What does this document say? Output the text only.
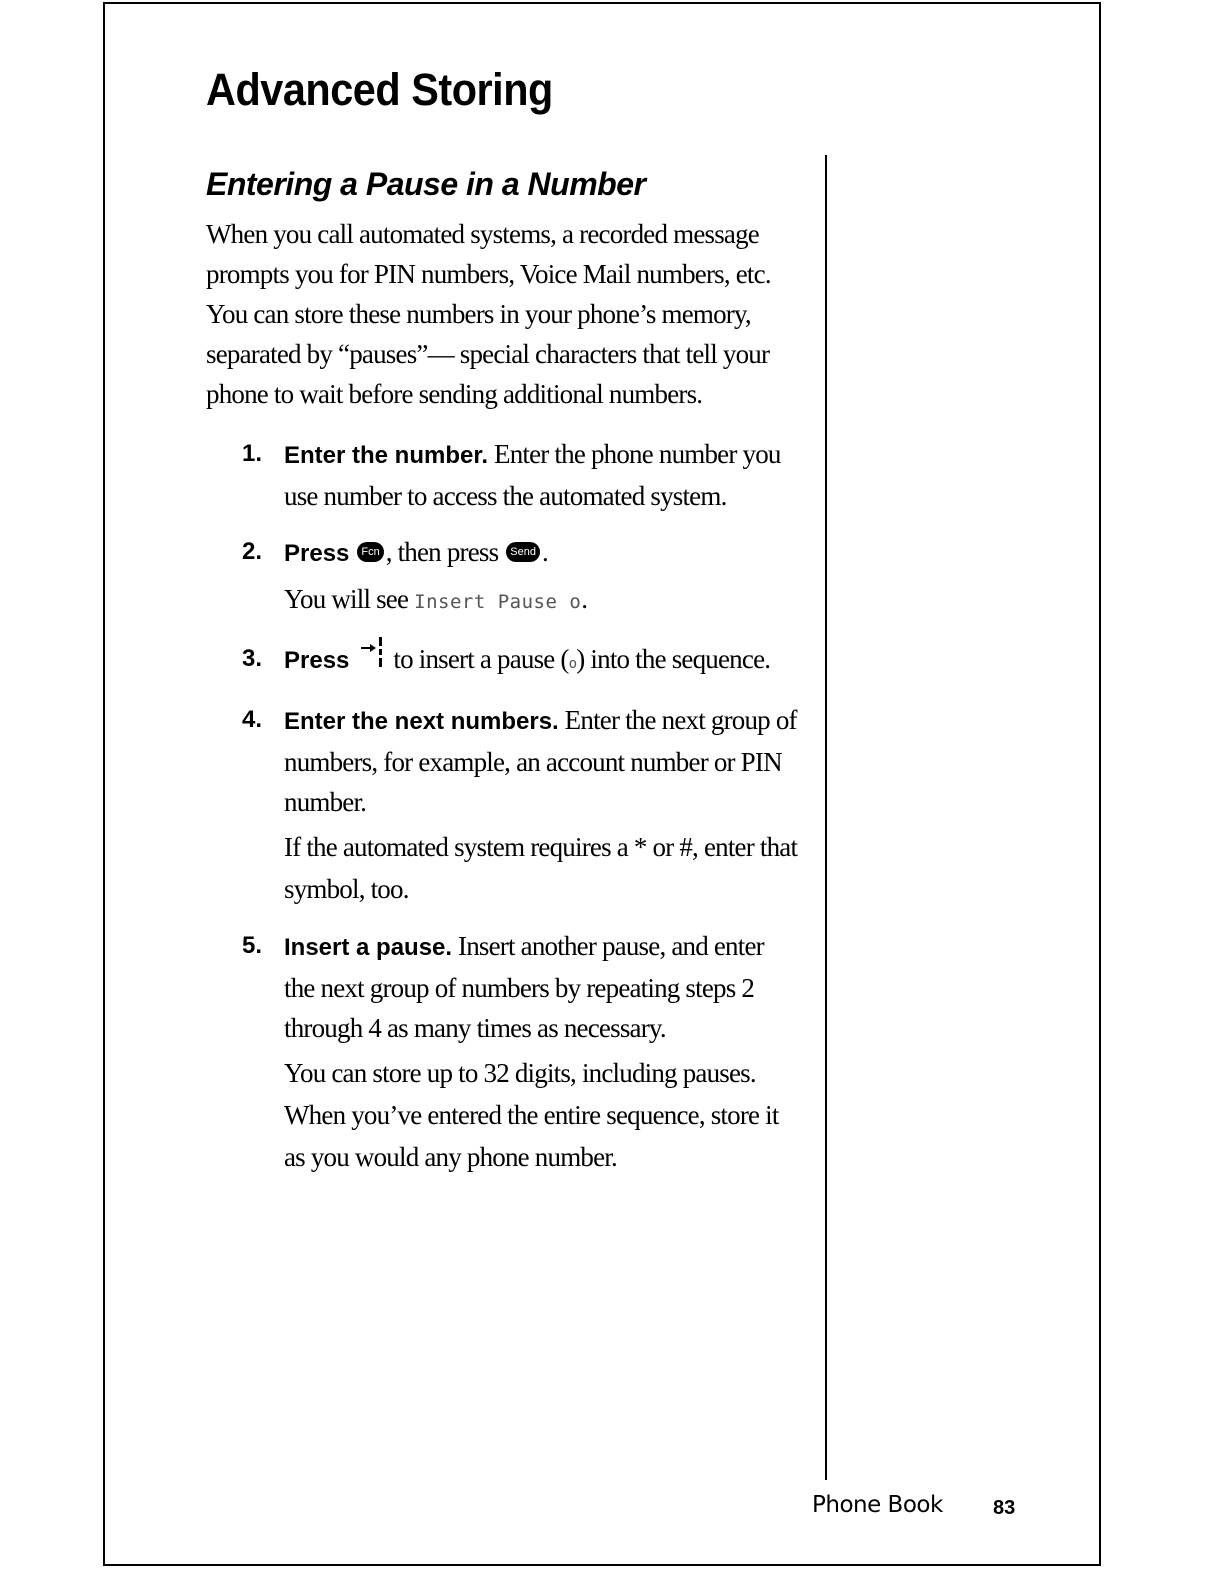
Advanced Storing
Entering a Pause in a Number

When you call automated systems, a recorded message prompts you for PIN numbers, Voice Mail numbers, etc. You can store these numbers in your phone’s memory, separated by “pauses”— special characters that tell your phone to wait before sending additional numbers.

1. Enter the number. Enter the phone number you use number to access the automated system.

2. Press Fcn , then press Send .

You will see Insert Pause o.

3. Press to insert a pause (o) into the sequence.

4. Enter the next numbers. Enter the next group of numbers, for example, an account number or PIN number.

If the automated system requires a * or #, enter that symbol, too.

5. Insert a pause. Insert another pause, and enter the next group of numbers by repeating steps 2 through 4 as many times as necessary.

You can store up to 32 digits, including pauses.

When you’ve entered the entire sequence, store it as you would any phone number.

Phone Book	83
